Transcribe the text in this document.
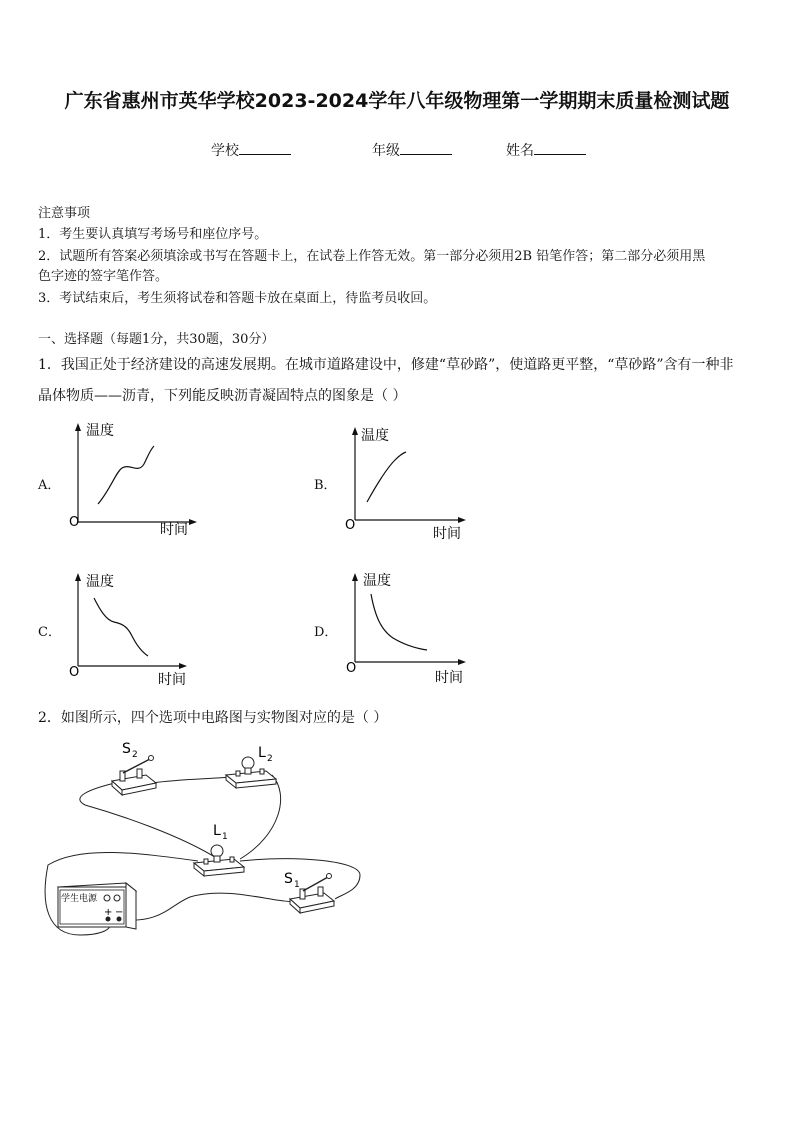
广东省惠州市英华学校2023-2024学年八年级物理第一学期期末质量检测试题
学校	年级	姓名
注意事项
1．考生要认真填写考场号和座位序号。
2．试题所有答案必须填涂或书写在答题卡上，在试卷上作答无效。第一部分必须用2B 铅笔作答；第二部分必须用黑
色字迹的签字笔作答。
3．考试结束后，考生须将试卷和答题卡放在桌面上，待监考员收回。
一、选择题（每题1分，共30题，30分）
1．我国正处于经济建设的高速发展期。在城市道路建设中，修建“草砂路”，使道路更平整，“草砂路”含有一种非
晶体物质——沥青，下列能反映沥青凝固特点的图象是（ ）
A．
温度
时间
O
B．
温度
时间
O
C．
温度
时间
O
D．
温度
时间
O
2．如图所示，四个选项中电路图与实物图对应的是（ ）
S 2	L 2
L 1
S 1
学生电源
+ −
